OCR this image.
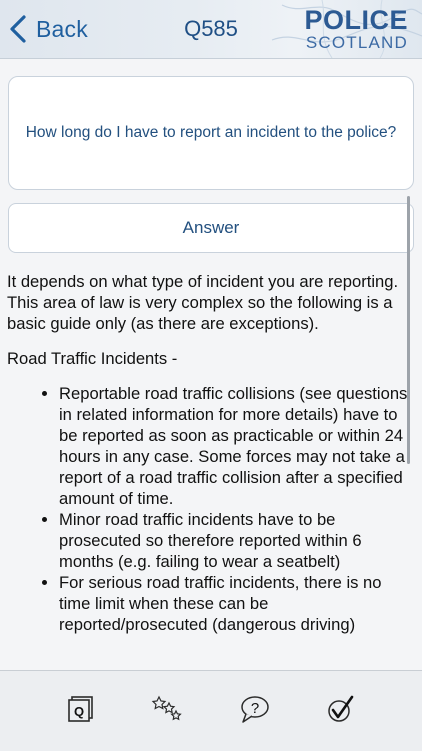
Back	Q585	POLICE
SCOTLAND
How long do I have to report an incident to the police?
Answer

It depends on what type of incident you are reporting. This area of law is very complex so the following is a basic guide only (as there are exceptions).

Road Traffic Incidents -

• Reportable road traffic collisions (see questions in related information for more details) have to be reported as soon as practicable or within 24 hours in any case. Some forces may not take a report of a road traffic collision after a specified amount of time.
• Minor road traffic incidents have to be prosecuted so therefore reported within 6 months (e.g. failing to wear a seatbelt)
• For serious road traffic incidents, there is no time limit when these can be reported/prosecuted (dangerous driving)
Q	?
